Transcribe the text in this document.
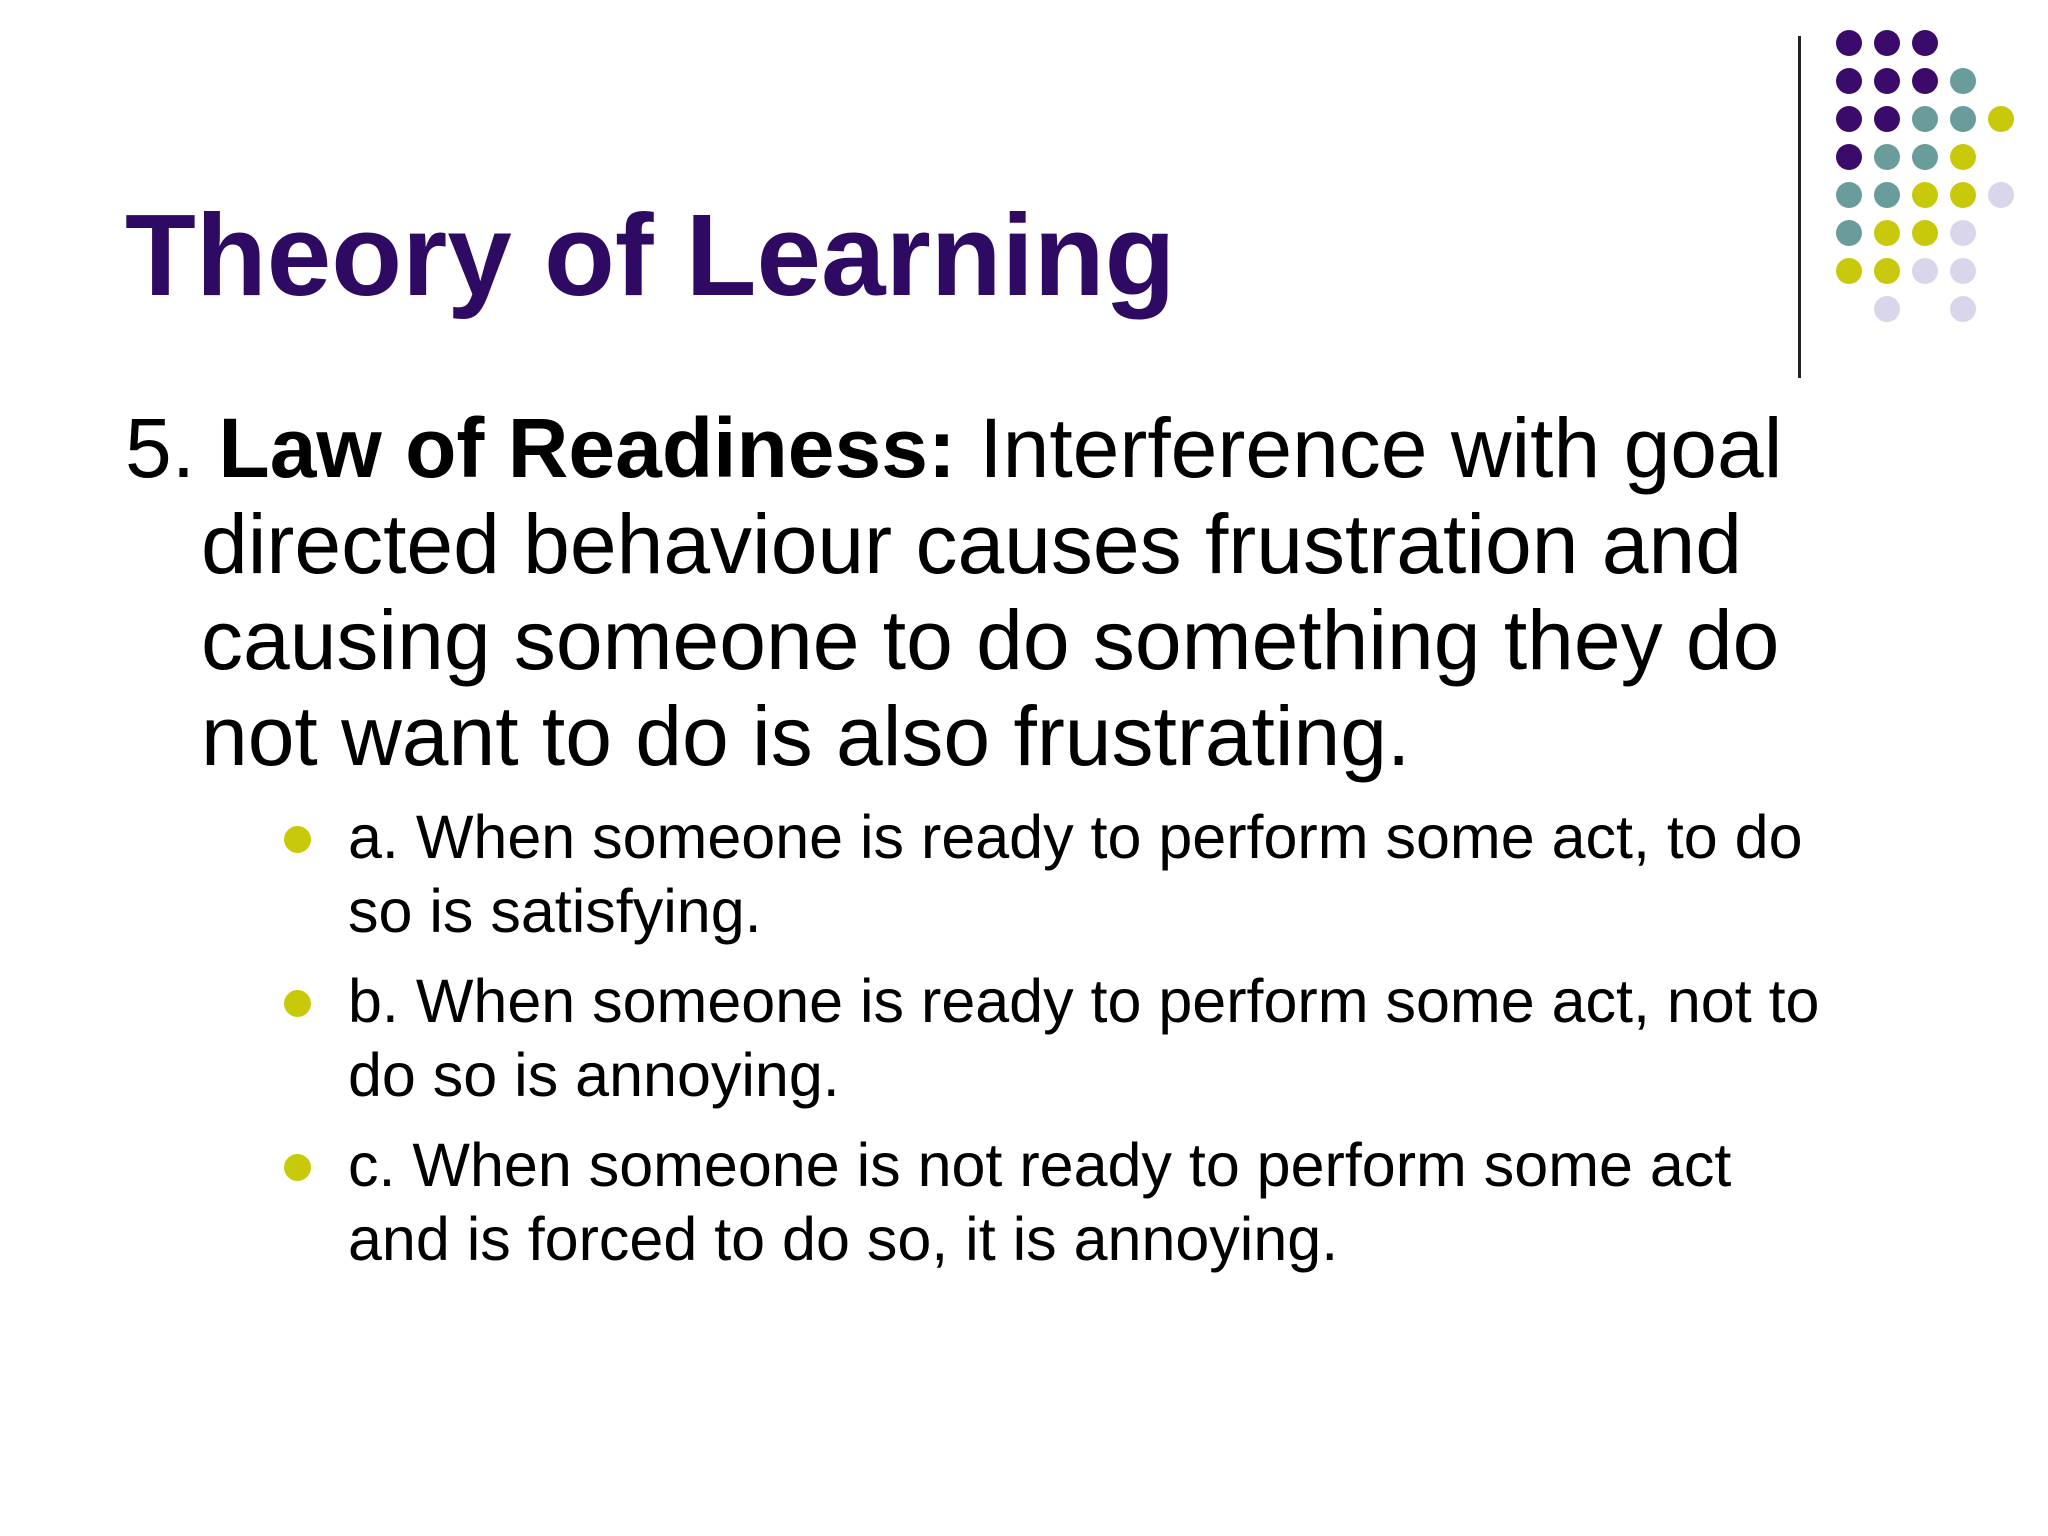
Theory of Learning
5. Law of Readiness: Interference with goal
directed behaviour causes frustration and
causing someone to do something they do
not want to do is also frustrating.
a. When someone is ready to perform some act, to do
so is satisfying.
b. When someone is ready to perform some act, not to
do so is annoying.
c. When someone is not ready to perform some act
and is forced to do so, it is annoying.
